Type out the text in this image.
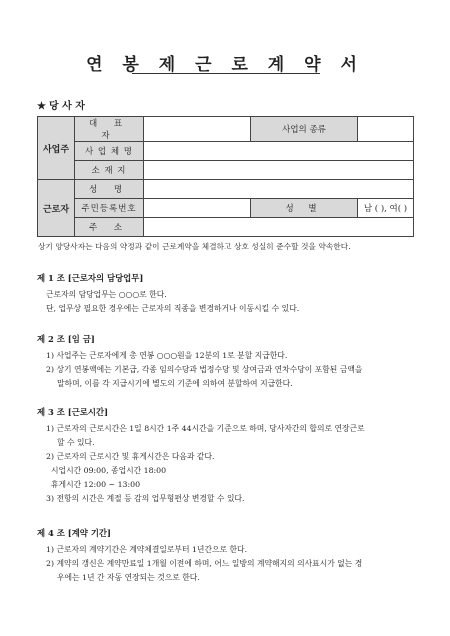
연 봉 제 근 로 계 약 서
★ 당 사 자
사업주	대 표 자		사업의 종류	
	사 업 체 명			
	소 재 지			
근로자	성 명			
	주민등록번호		성 별	남 ( ), 여( )
	주 소			
상기 양당사자는 다음의 약정과 같이 근로계약을 체결하고 상호 성실히 준수할 것을 약속한다.
제 1 조 [근로자의 담당업무]
근로자의 담당업무는 ○○○로 한다.
단, 업무상 필요한 경우에는 근로자의 직종을 변경하거나 이동시킬 수 있다.
제 2 조 [임 금]
1) 사업주는 근로자에게 총 연봉 ○○○원을 12분의 1로 분할 지급한다.
2) 상기 연봉액에는 기본급, 각종 임의수당과 법정수당 및 상여금과 연차수당이 포함된 금액을
말하며, 이를 각 지급시기에 별도의 기준에 의하여 분할하여 지급한다.
제 3 조 [근로시간]
1) 근로자의 근로시간은 1일 8시간 1주 44시간을 기준으로 하며, 당사자간의 합의로 연장근로
할 수 있다.
2) 근로자의 근로시간 및 휴게시간은 다음과 같다.
시업시간 09:00, 종업시간 18:00
휴게시간 12:00 ~ 13:00
3) 전항의 시간은 계절 등 감의 업무형편상 변경할 수 있다.
제 4 조 [계약 기간]
1) 근로자의 계약기간은 계약체결일로부터 1년간으로 한다.
2) 계약의 갱신은 계약만료일 1개월 이전에 하며, 어느 일방의 계약해지의 의사표시가 없는 경
우에는 1년 간 자동 연장되는 것으로 한다.
